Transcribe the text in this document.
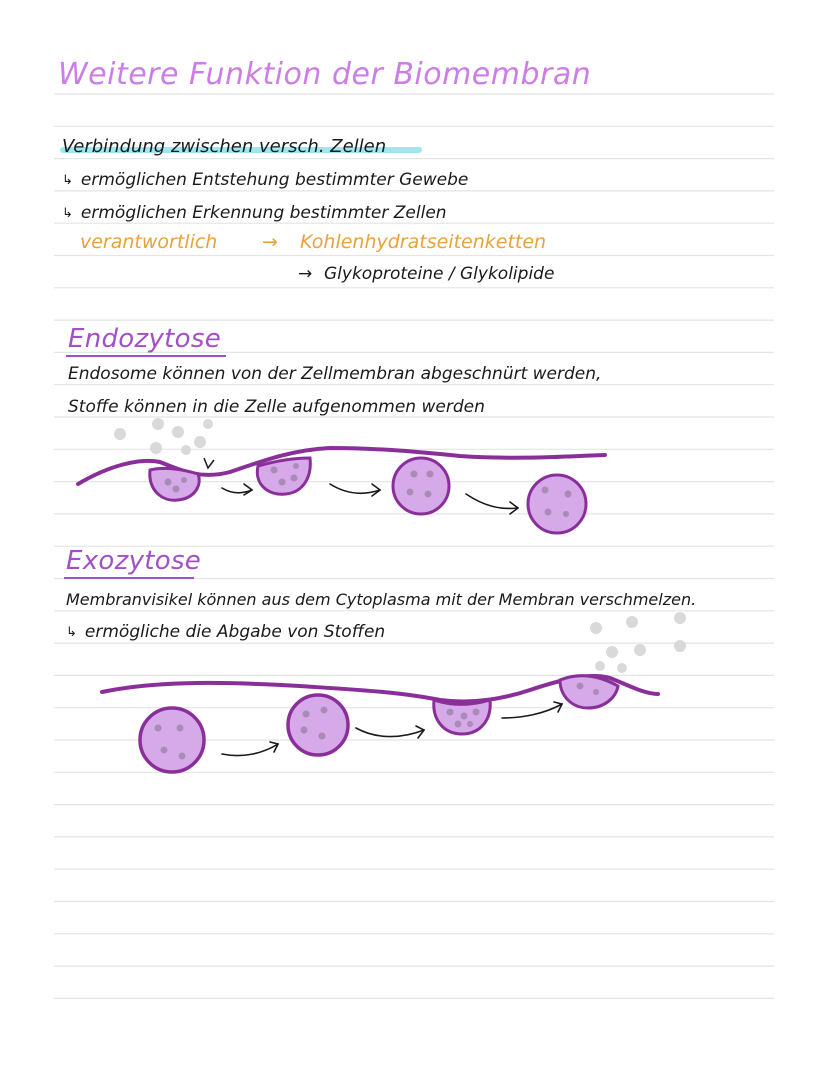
Weitere Funktion der Biomembran
Verbindung zwischen versch. Zellen
↳ ermöglichen Entstehung bestimmter Gewebe
↳ ermöglichen Erkennung bestimmter Zellen
verantwortlich → Kohlenhydratseitenketten
→ Glykoproteine / Glykolipide
Endozytose
Endosome können von der Zellmembran abgeschnürt werden,
Stoffe können in die Zelle aufgenommen werden
Exozytose
Membranvisikel können aus dem Cytoplasma mit der Membran verschmelzen.
↳ ermögliche die Abgabe von Stoffen
